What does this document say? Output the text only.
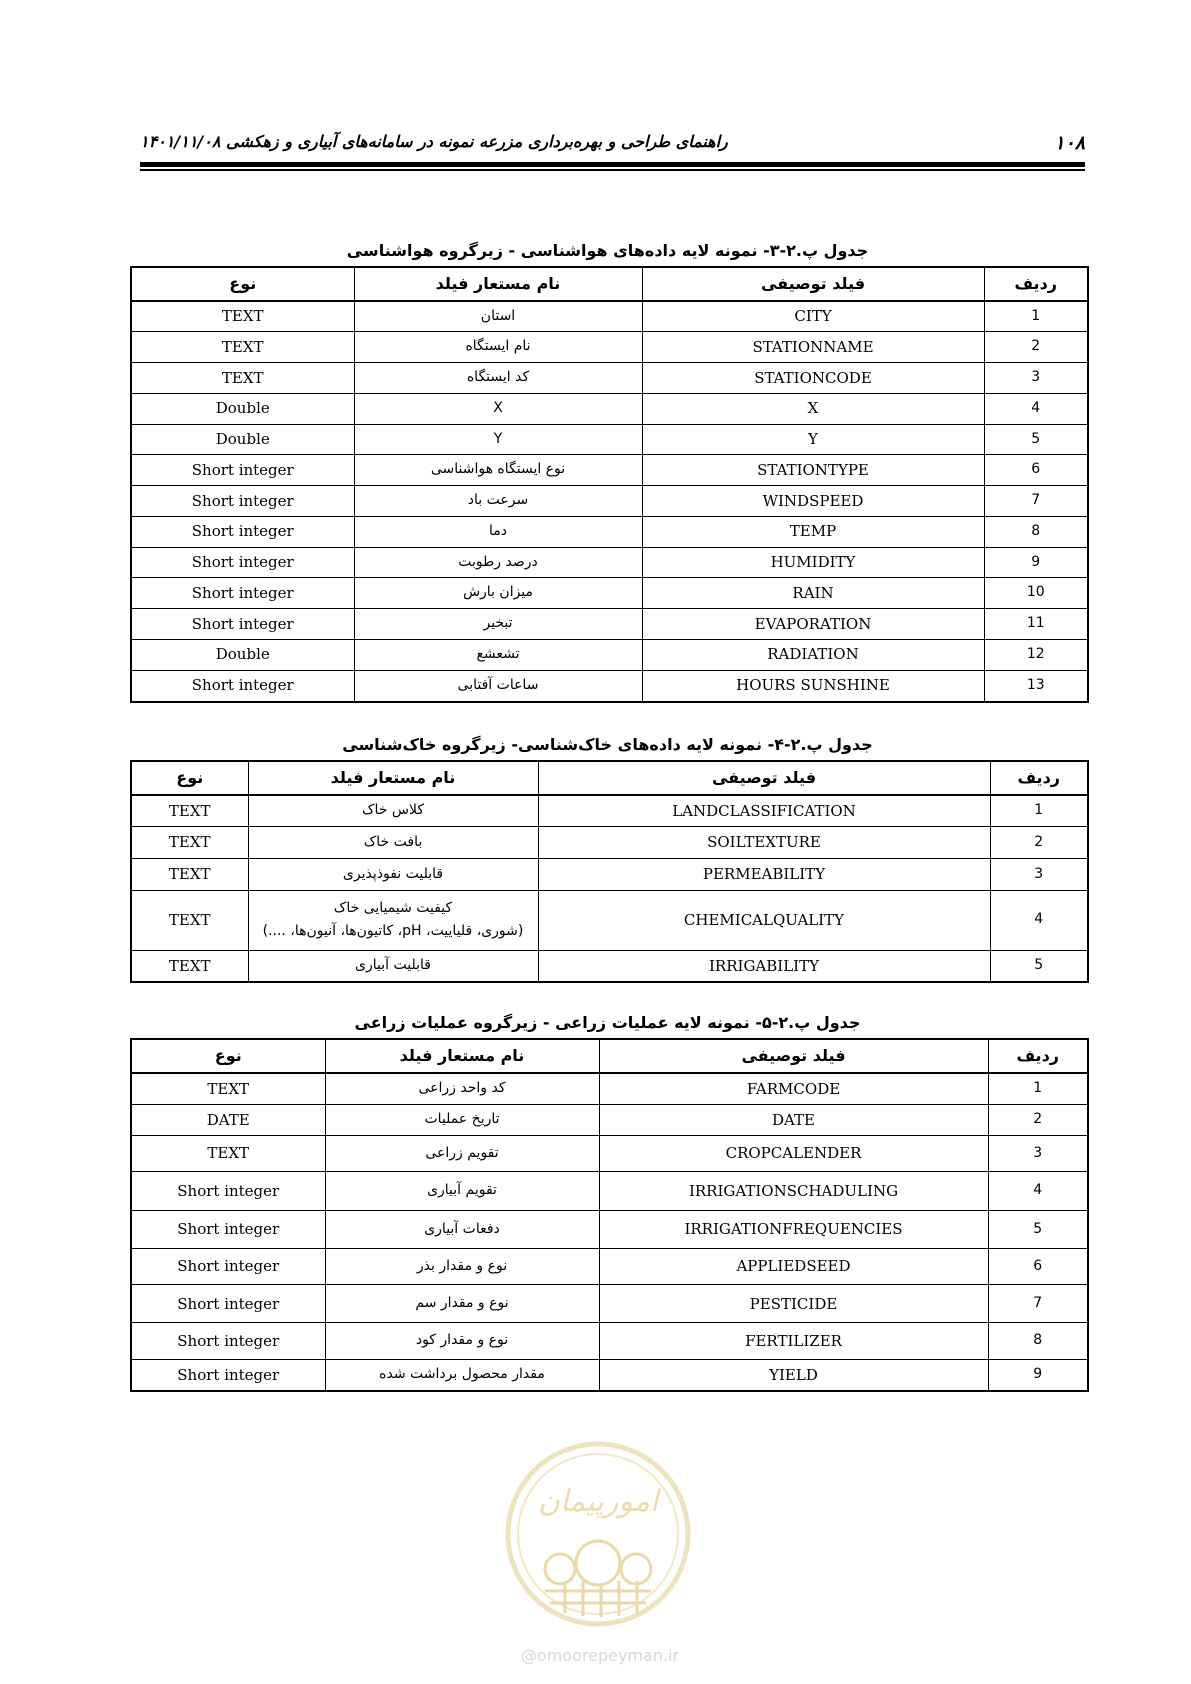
۱۰۸
راهنمای طراحی و بهره‌برداری مزرعه نمونه در سامانه‌های آبیاری و زهکشی ۱۴۰۱/۱۱/۰۸
جدول پ.۲-۳- نمونه لایه داده‌های هواشناسی - زیرگروه هواشناسی
ردیف	فیلد توصیفی	نام مستعار فیلد	نوع
1	CITY	استان	TEXT
2	STATIONNAME	نام ایستگاه	TEXT
3	STATIONCODE	کد ایستگاه	TEXT
4	X	X	Double
5	Y	Y	Double
6	STATIONTYPE	نوع ایستگاه هواشناسی	Short integer
7	WINDSPEED	سرعت باد	Short integer
8	TEMP	دما	Short integer
9	HUMIDITY	درصد رطوبت	Short integer
10	RAIN	میزان بارش	Short integer
11	EVAPORATION	تبخیر	Short integer
12	RADIATION	تشعشع	Double
13	HOURS SUNSHINE	ساعات آفتابی	Short integer
جدول پ.۲-۴- نمونه لایه داده‌های خاک‌شناسی- زیرگروه خاک‌شناسی
ردیف	فیلد توصیفی	نام مستعار فیلد	نوع
1	LANDCLASSIFICATION	کلاس خاک	TEXT
2	SOILTEXTURE	بافت خاک	TEXT
3	PERMEABILITY	قابلیت نفوذپذیری	TEXT
4	CHEMICALQUALITY	کیفیت شیمیایی خاک
(شوری، قلیاییت، pH، کاتیون‌ها، آنیون‌ها، ....)	TEXT
5	IRRIGABILITY	قابلیت آبیاری	TEXT
جدول پ.۲-۵- نمونه لایه عملیات زراعی - زیرگروه عملیات زراعی
ردیف	فیلد توصیفی	نام مستعار فیلد	نوع
1	FARMCODE	کد واحد زراعی	TEXT
2	DATE	تاریخ عملیات	DATE
3	CROPCALENDER	تقویم زراعی	TEXT
4	IRRIGATIONSCHADULING	تقویم آبیاری	Short integer
5	IRRIGATIONFREQUENCIES	دفعات آبیاری	Short integer
6	APPLIEDSEED	نوع و مقدار بذر	Short integer
7	PESTICIDE	نوع و مقدار سم	Short integer
8	FERTILIZER	نوع و مقدار کود	Short integer
9	YIELD	مقدار محصول برداشت شده	Short integer
امورپیمان
@omoorepeyman.ir
